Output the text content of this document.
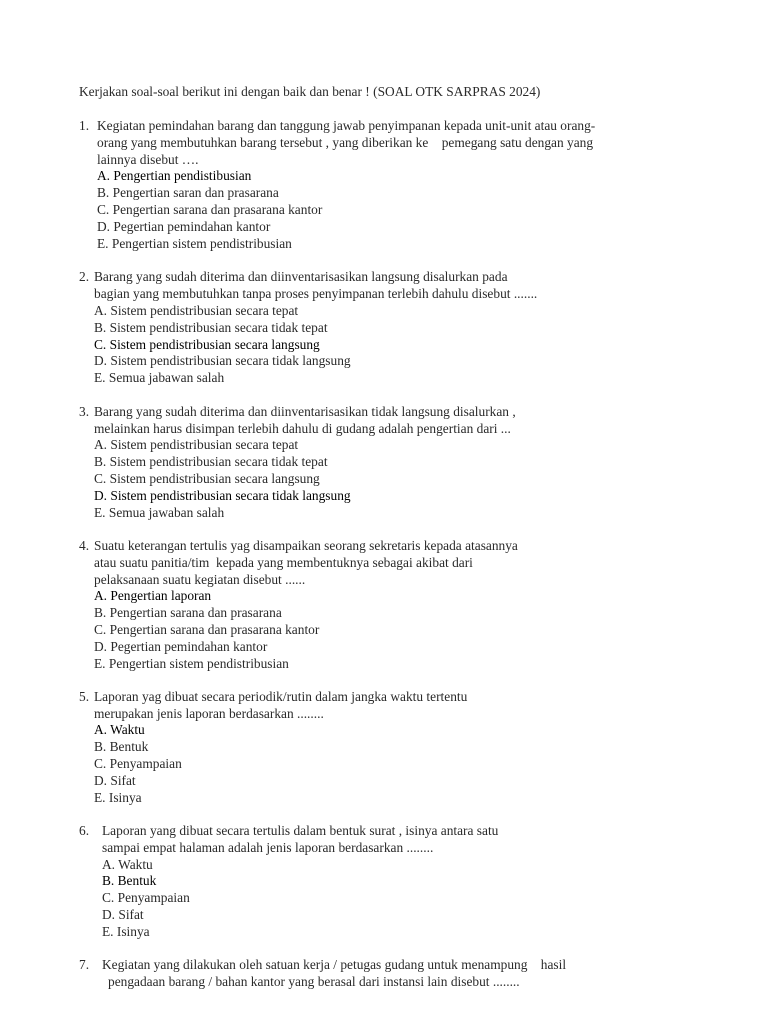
Kerjakan soal-soal berikut ini dengan baik dan benar ! (SOAL OTK SARPRAS 2024)
1. Kegiatan pemindahan barang dan tanggung jawab penyimpanan kepada unit-unit atau orang-
orang yang membutuhkan barang tersebut , yang diberikan ke    pemegang satu dengan yang
lainnya disebut ….
A. Pengertian pendistibusian
B. Pengertian saran dan prasarana
C. Pengertian sarana dan prasarana kantor
D. Pegertian pemindahan kantor
E. Pengertian sistem pendistribusian
2. Barang yang sudah diterima dan diinventarisasikan langsung disalurkan pada
bagian yang membutuhkan tanpa proses penyimpanan terlebih dahulu disebut .......
A. Sistem pendistribusian secara tepat
B. Sistem pendistribusian secara tidak tepat
C. Sistem pendistribusian secara langsung
D. Sistem pendistribusian secara tidak langsung
E. Semua jabawan salah
3. Barang yang sudah diterima dan diinventarisasikan tidak langsung disalurkan ,
melainkan harus disimpan terlebih dahulu di gudang adalah pengertian dari ...
A. Sistem pendistribusian secara tepat
B. Sistem pendistribusian secara tidak tepat
C. Sistem pendistribusian secara langsung
D. Sistem pendistribusian secara tidak langsung
E. Semua jawaban salah
4. Suatu keterangan tertulis yag disampaikan seorang sekretaris kepada atasannya
atau suatu panitia/tim  kepada yang membentuknya sebagai akibat dari
pelaksanaan suatu kegiatan disebut ......
A. Pengertian laporan
B. Pengertian sarana dan prasarana
C. Pengertian sarana dan prasarana kantor
D. Pegertian pemindahan kantor
E. Pengertian sistem pendistribusian
5. Laporan yag dibuat secara periodik/rutin dalam jangka waktu tertentu
merupakan jenis laporan berdasarkan ........
A. Waktu
B. Bentuk
C. Penyampaian
D. Sifat
E. Isinya
6. Laporan yang dibuat secara tertulis dalam bentuk surat , isinya antara satu
sampai empat halaman adalah jenis laporan berdasarkan ........
A. Waktu
B. Bentuk
C. Penyampaian
D. Sifat
E. Isinya
7. Kegiatan yang dilakukan oleh satuan kerja / petugas gudang untuk menampung    hasil
pengadaan barang / bahan kantor yang berasal dari instansi lain disebut ........
